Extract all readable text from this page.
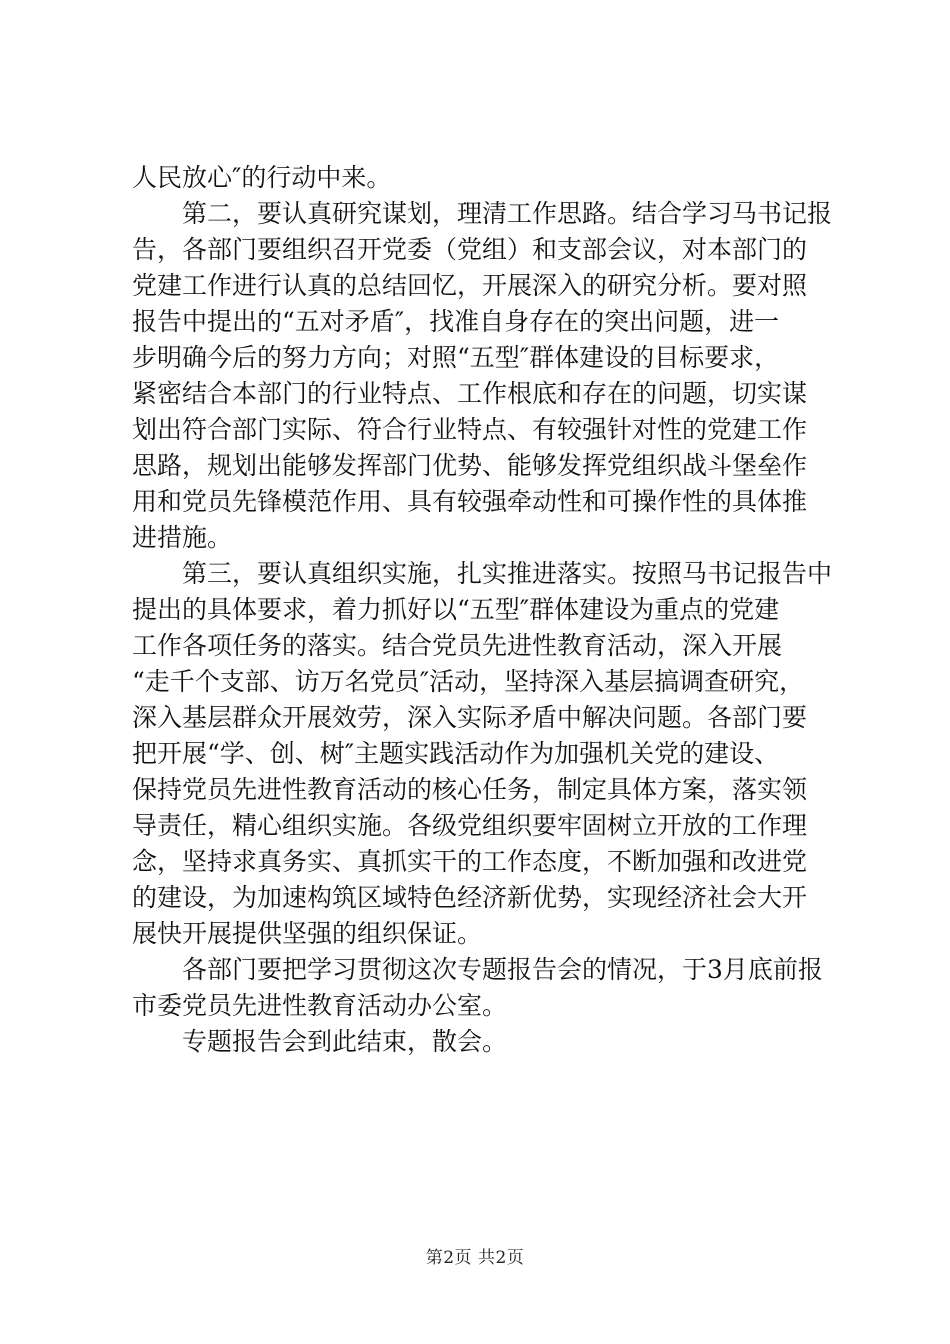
人民放心″的行动中来。
第二，要认真研究谋划，理清工作思路。结合学习马书记报
告，各部门要组织召开党委（党组）和支部会议，对本部门的
党建工作进行认真的总结回忆，开展深入的研究分析。要对照
报告中提出的“五对矛盾″，找准自身存在的突出问题，进一
步明确今后的努力方向；对照“五型″群体建设的目标要求，
紧密结合本部门的行业特点、工作根底和存在的问题，切实谋
划出符合部门实际、符合行业特点、有较强针对性的党建工作
思路，规划出能够发挥部门优势、能够发挥党组织战斗堡垒作
用和党员先锋模范作用、具有较强牵动性和可操作性的具体推
进措施。
第三，要认真组织实施，扎实推进落实。按照马书记报告中
提出的具体要求，着力抓好以“五型″群体建设为重点的党建
工作各项任务的落实。结合党员先进性教育活动，深入开展
“走千个支部、访万名党员″活动，坚持深入基层搞调查研究，
深入基层群众开展效劳，深入实际矛盾中解决问题。各部门要
把开展“学、创、树″主题实践活动作为加强机关党的建设、
保持党员先进性教育活动的核心任务，制定具体方案，落实领
导责任，精心组织实施。各级党组织要牢固树立开放的工作理
念，坚持求真务实、真抓实干的工作态度，不断加强和改进党
的建设，为加速构筑区域特色经济新优势，实现经济社会大开
展快开展提供坚强的组织保证。
各部门要把学习贯彻这次专题报告会的情况，于3月底前报
市委党员先进性教育活动办公室。
专题报告会到此结束，散会。
第2页 共2页
